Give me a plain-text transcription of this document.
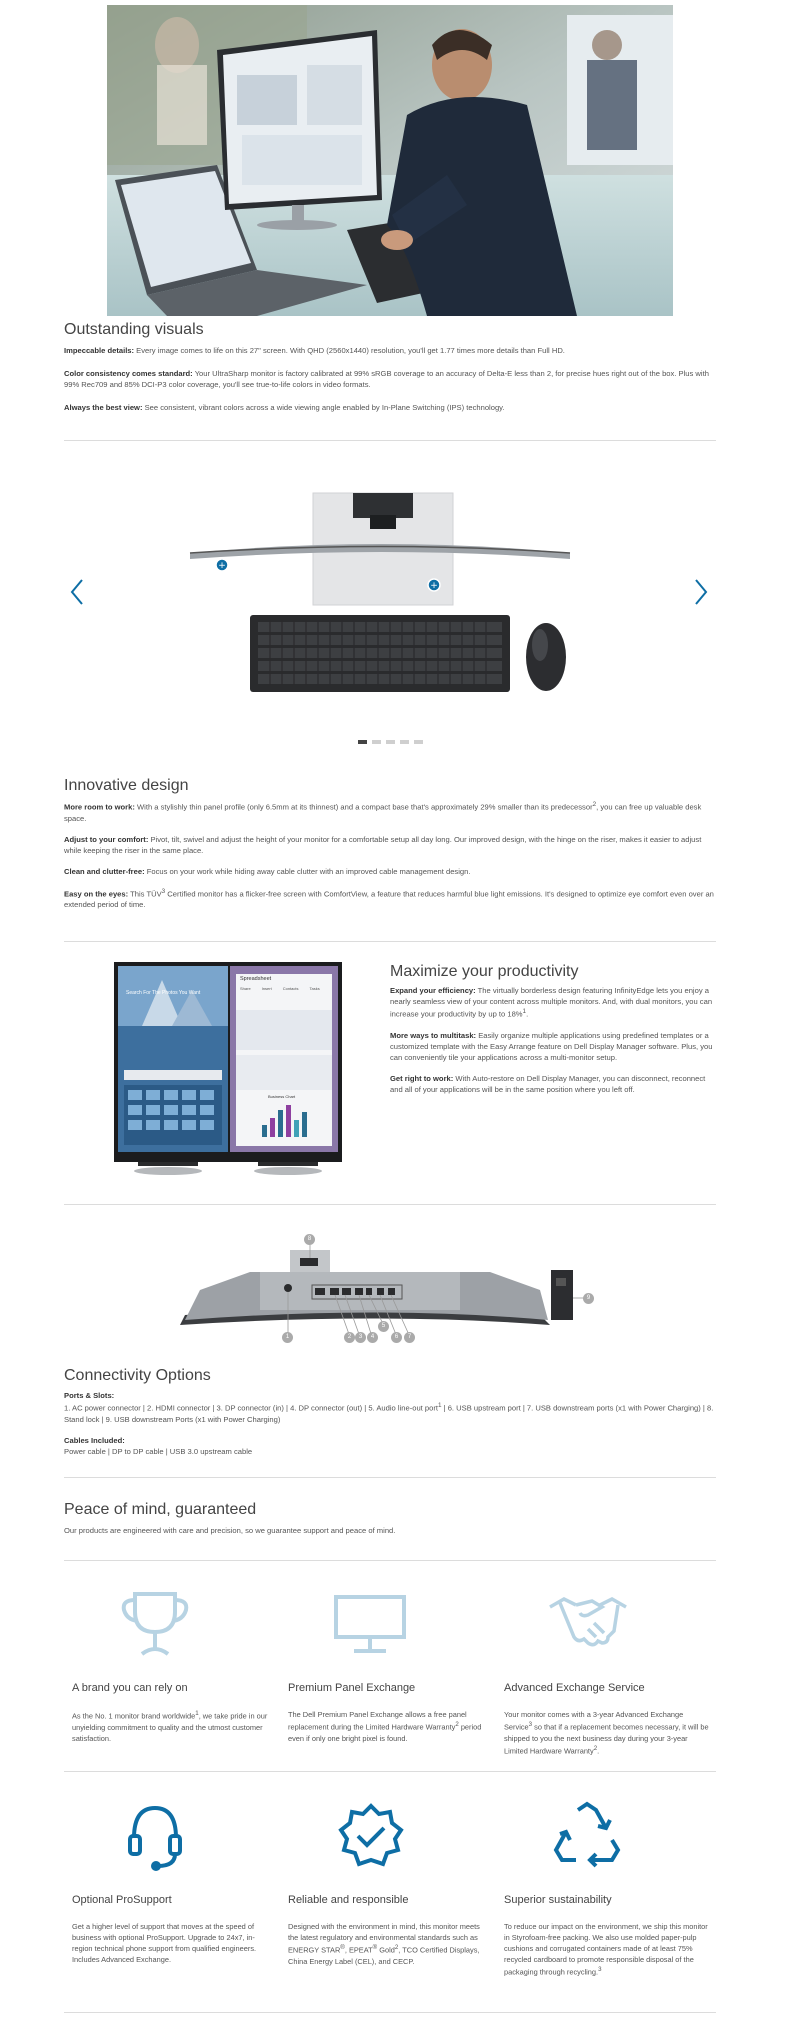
Outstanding visuals

Impeccable details: Every image comes to life on this 27" screen. With QHD (2560x1440) resolution, you'll get 1.77 times more details than Full HD.

Color consistency comes standard: Your UltraSharp monitor is factory calibrated at 99% sRGB coverage to an accuracy of Delta-E less than 2, for precise hues right out of the box. Plus with 99% Rec709 and 85% DCI-P3 color coverage, you'll see true-to-life colors in video formats.

Always the best view: See consistent, vibrant colors across a wide viewing angle enabled by In-Plane Switching (IPS) technology.

+
+
Innovative design

More room to work: With a stylishly thin panel profile (only 6.5mm at its thinnest) and a compact base that's approximately 29% smaller than its predecessor$^2$, you can free up valuable desk space.

Adjust to your comfort: Pivot, tilt, swivel and adjust the height of your monitor for a comfortable setup all day long. Our improved design, with the hinge on the riser, makes it easier to adjust while keeping the riser in the same place.

Clean and clutter-free: Focus on your work while hiding away cable clutter with an improved cable management design.

Easy on the eyes: This TÜV$^3$ Certified monitor has a flicker-free screen with ComfortView, a feature that reduces harmful blue light emissions. It's designed to optimize eye comfort even over an extended period of time.

Search For The Photos You Want
Spreadsheet
Share	Insert	Contacts	Tasks
Business Chart
Maximize your productivity

Expand your efficiency: The virtually borderless design featuring InfinityEdge lets you enjoy a nearly seamless view of your content across multiple monitors. And, with dual monitors, you can increase your productivity by up to 18%$^1$.

More ways to multitask: Easily organize multiple applications using predefined templates or a customized template with the Easy Arrange feature on Dell Display Manager software. Plus, you can conveniently tile your applications across a multi-monitor setup.

Get right to work: With Auto-restore on Dell Display Manager, you can disconnect, reconnect and all of your applications will be in the same position where you left off.

1	2	3	4
5
6	7
8
9
Connectivity Options

Ports & Slots:

1. AC power connector | 2. HDMI connector | 3. DP connector (in) | 4. DP connector (out) | 5. Audio line-out port$^1$ | 6. USB upstream port | 7. USB downstream ports (x1 with Power Charging) | 8. Stand lock | 9. USB downstream Ports (x1 with Power Charging)

Cables Included:

Power cable | DP to DP cable | USB 3.0 upstream cable

Peace of mind, guaranteed

Our products are engineered with care and precision, so we guarantee support and peace of mind.

A brand you can rely on

As the No. 1 monitor brand worldwide$^1$, we take pride in our unyielding commitment to quality and the utmost customer satisfaction.

Premium Panel Exchange

The Dell Premium Panel Exchange allows a free panel replacement during the Limited Hardware Warranty$^2$ period even if only one bright pixel is found.

Advanced Exchange Service

Your monitor comes with a 3-year Advanced Exchange Service$^3$ so that if a replacement becomes necessary, it will be shipped to you the next business day during your 3-year Limited Hardware Warranty$^2$.

Optional ProSupport

Get a higher level of support that moves at the speed of business with optional ProSupport. Upgrade to 24x7, in-region technical phone support from qualified engineers. Includes Advanced Exchange.

Reliable and responsible

Designed with the environment in mind, this monitor meets the latest regulatory and environmental standards such as ENERGY STAR®, EPEAT® Gold$^2$, TCO Certified Displays, China Energy Label (CEL), and CECP.

Superior sustainability

To reduce our impact on the environment, we ship this monitor in Styrofoam-free packing. We also use molded paper-pulp cushions and corrugated containers made of at least 75% recycled cardboard to promote responsible disposal of the packaging through recycling.$^3$
